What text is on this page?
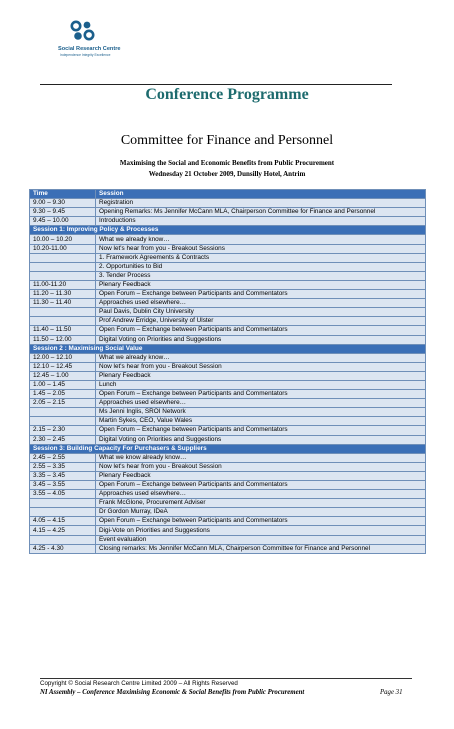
Social Research Centre
Independence Integrity Excellence
Conference Programme
Committee for Finance and Personnel
Maximising the Social and Economic Benefits from Public Procurement
Wednesday 21 October 2009, Dunsilly Hotel, Antrim
Time	Session
9.00 – 9.30	Registration
9.30 – 9.45	Opening Remarks: Ms Jennifer McCann MLA, Chairperson Committee for Finance and Personnel
9.45 – 10.00	Introductions
Session 1: Improving Policy & Processes	
10.00 – 10.20	What we already know…
10.20-11.00	Now let's hear from you - Breakout Sessions
	1. Framework Agreements & Contracts
	2. Opportunities to Bid
	3. Tender Process
11.00-11.20	Plenary Feedback
11.20 – 11.30	Open Forum – Exchange between Participants and Commentators
11.30 – 11.40	Approaches used elsewhere…
	Paul Davis, Dublin City University
	Prof Andrew Erridge, University of Ulster
11.40 – 11.50	Open Forum – Exchange between Participants and Commentators
11.50 – 12.00	Digital Voting on Priorities and Suggestions
Session 2 : Maximising Social Value	
12.00 – 12.10	What we already know…
12.10 – 12.45	Now let's hear from you - Breakout Session
12.45 – 1.00	Plenary Feedback
1.00 – 1.45	Lunch
1.45 – 2.05	Open Forum – Exchange between Participants and Commentators
2.05 – 2.15	Approaches used elsewhere…
	Ms Jenni Inglis, SROI Network
	Martin Sykes, CEO, Value Wales
2.15 – 2.30	Open Forum – Exchange between Participants and Commentators
2.30 – 2.45	Digital Voting on Priorities and Suggestions
Session 3: Building Capacity For Purchasers & Suppliers	
2.45 – 2.55	What we know already know…
2.55 – 3.35	Now let's hear from you - Breakout Session
3.35 – 3.45	Plenary Feedback
3.45 – 3.55	Open Forum – Exchange between Participants and Commentators
3.55 – 4.05	Approaches used elsewhere…
	Frank McGlone, Procurement Adviser
	Dr Gordon Murray, IDeA
4.05 – 4.15	Open Forum – Exchange between Participants and Commentators
4.15 – 4.25	Digi-Vote on Priorities and Suggestions
	Event evaluation
4.25 - 4.30	Closing remarks: Ms Jennifer McCann MLA, Chairperson Committee for Finance and Personnel
Copyright © Social Research Centre Limited 2009 – All Rights Reserved
NI Assembly – Conference Maximising Economic & Social Benefits from Public Procurement	Page 31
